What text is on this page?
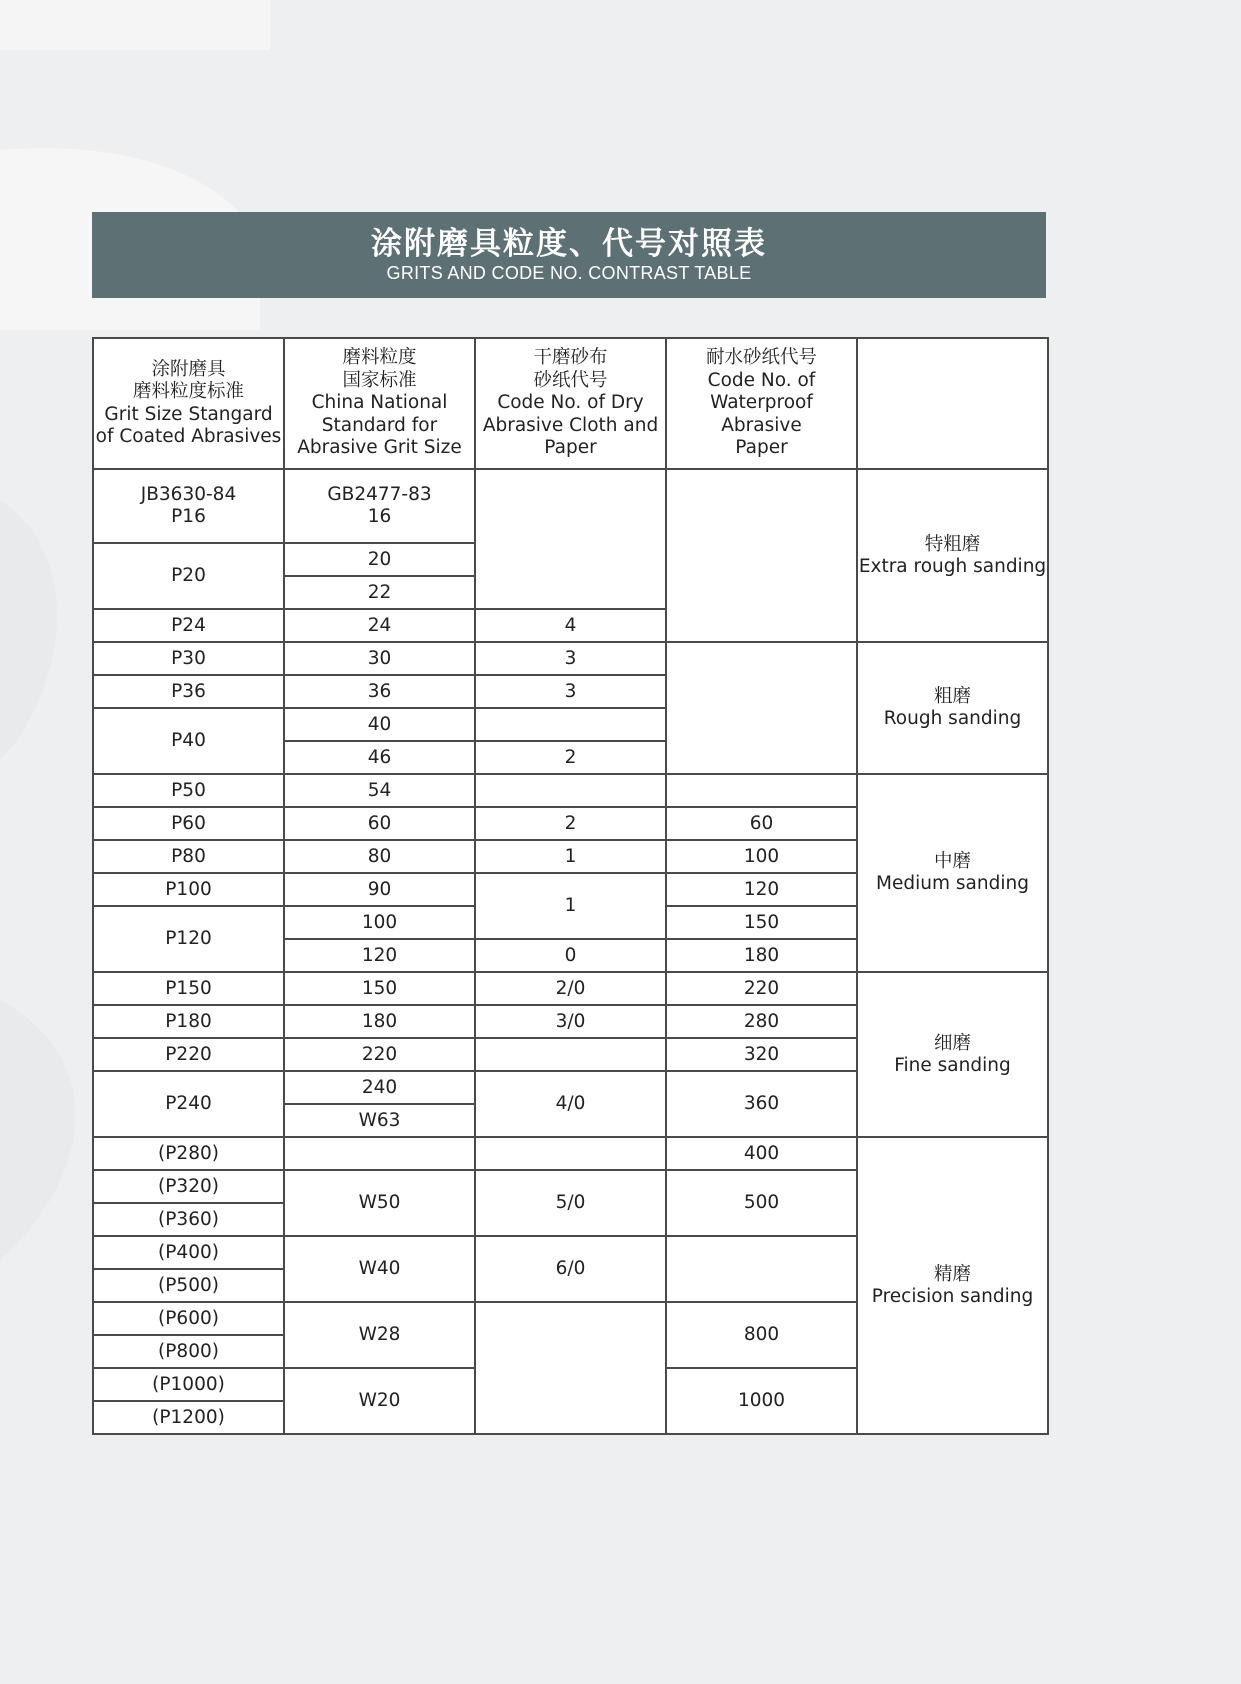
涂附磨具粒度、代号对照表
GRITS AND CODE NO. CONTRAST TABLE
涂附磨具
磨料粒度标准
Grit Size Stangard
of Coated Abrasives	磨料粒度
国家标准
China National
Standard for
Abrasive Grit Size	干磨砂布
砂纸代号
Code No. of Dry
Abrasive Cloth and
Paper	耐水砂纸代号
Code No. of
Waterproof Abrasive
Paper	

JB3630-84
P16	GB2477-83
16			特粗磨
Extra rough sanding

P20	20			
	22			
P24	24	4		
P30	30	3		粗磨
Rough sanding

P36	36	3		
P40	40			
	46	2		
P50	54			中磨
Medium sanding

P60	60	2	60	
P80	80	1	100	
P100	90	1	120	
P120	100		150	
	120	0	180	
P150	150	2/0	220	细磨
Fine sanding

P180	180	3/0	280	
P220	220		320	
P240	240	4/0	360	
	W63			
(P280)			400	精磨
Precision sanding

(P320)	W50	5/0	500	
(P360)				
(P400)	W40	6/0		
(P500)				
(P600)	W28		800	
(P800)				
(P1000)	W20		1000	
(P1200)				
